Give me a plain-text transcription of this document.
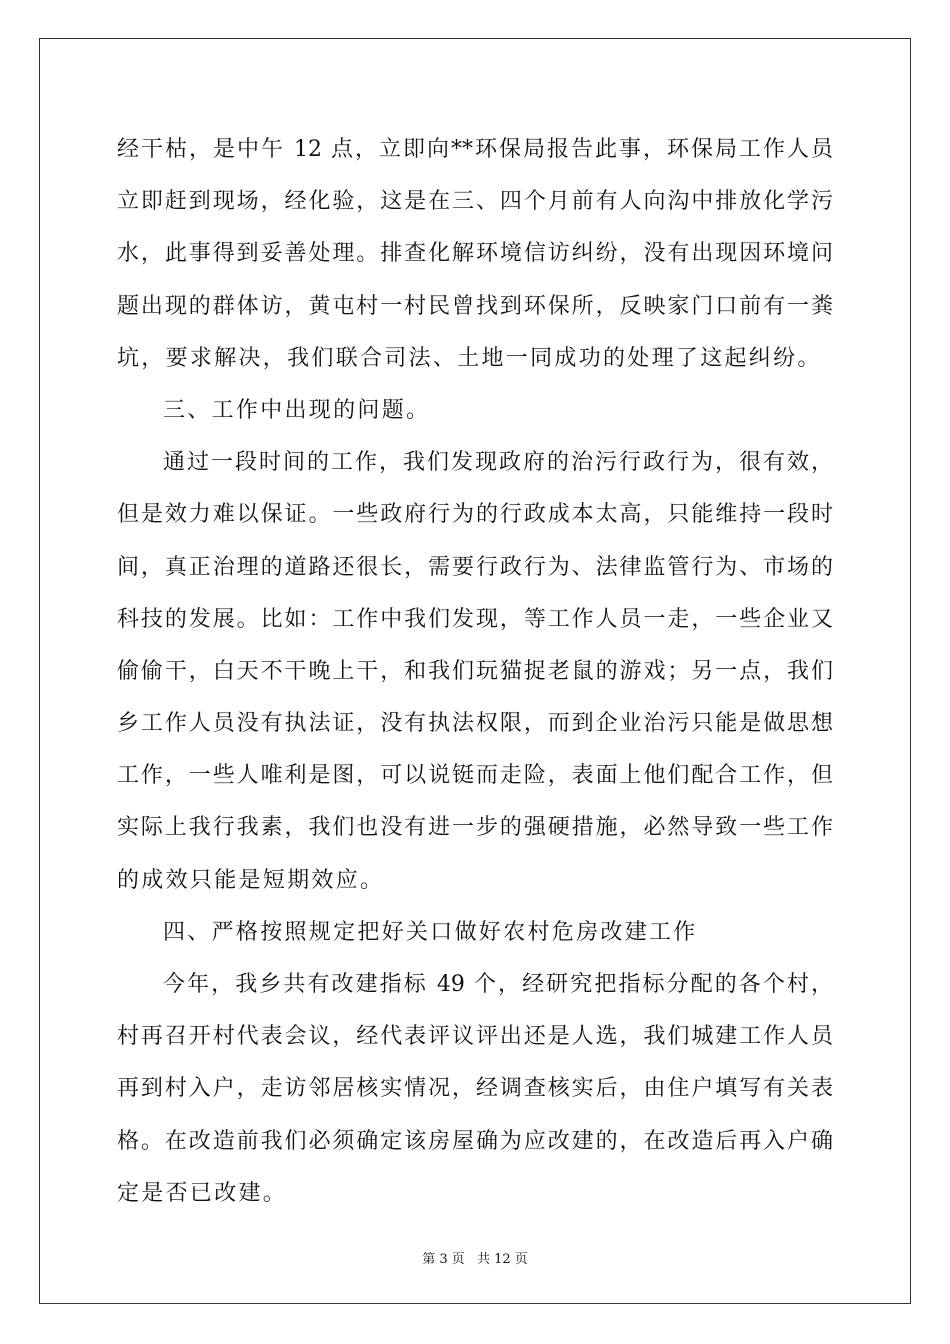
经干枯，是中午 12 点，立即向**环保局报告此事，环保局工作人员
立即赶到现场，经化验，这是在三、四个月前有人向沟中排放化学污
水，此事得到妥善处理。排查化解环境信访纠纷，没有出现因环境问
题出现的群体访，黄屯村一村民曾找到环保所，反映家门口前有一粪
坑，要求解决，我们联合司法、土地一同成功的处理了这起纠纷。
三、工作中出现的问题。
通过一段时间的工作，我们发现政府的治污行政行为，很有效，
但是效力难以保证。一些政府行为的行政成本太高，只能维持一段时
间，真正治理的道路还很长，需要行政行为、法律监管行为、市场的
科技的发展。比如：工作中我们发现，等工作人员一走，一些企业又
偷偷干，白天不干晚上干，和我们玩猫捉老鼠的游戏；另一点，我们
乡工作人员没有执法证，没有执法权限，而到企业治污只能是做思想
工作，一些人唯利是图，可以说铤而走险，表面上他们配合工作，但
实际上我行我素，我们也没有进一步的强硬措施，必然导致一些工作
的成效只能是短期效应。
四、严格按照规定把好关口做好农村危房改建工作
今年，我乡共有改建指标 49 个，经研究把指标分配的各个村，
村再召开村代表会议，经代表评议评出还是人选，我们城建工作人员
再到村入户，走访邻居核实情况，经调查核实后，由住户填写有关表
格。在改造前我们必须确定该房屋确为应改建的，在改造后再入户确
定是否已改建。
第 3 页 共 12 页
